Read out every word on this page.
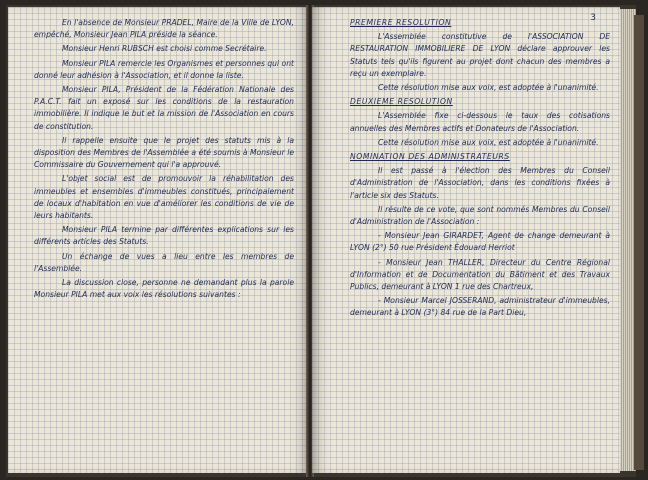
En l'absence de Monsieur PRADEL, Maire de la Ville de LYON, empêché, Monsieur Jean PILA préside la séance.

Monsieur Henri RUBSCH est choisi comme Secrétaire.

Monsieur PILA remercie les Organismes et personnes qui ont donné leur adhésion à l'Association, et il donne la liste.

Monsieur PILA, Président de la Fédération Nationale des P.A.C.T. fait un exposé sur les conditions de la restauration immobilière. Il indique le but et la mission de l'Association en cours de constitution.

Il rappelle ensuite que le projet des statuts mis à la disposition des Membres de l'Assemblée a été soumis à Monsieur le Commissaire du Gouvernement qui l'a approuvé.

L'objet social est de promouvoir la réhabilitation des immeubles et ensembles d'immeubles constitués, principalement de locaux d'habitation en vue d'améliorer les conditions de vie de leurs habitants.

Monsieur PILA termine par différentes explications sur les différents articles des Statuts.

Un échange de vues a lieu entre les membres de l'Assemblée.

La discussion close, personne ne demandant plus la parole Monsieur PILA met aux voix les résolutions suivantes :

3

PREMIERE RESOLUTION

L'Assemblée constitutive de l'ASSOCIATION DE RESTAURATION IMMOBILIERE DE LYON déclare approuver les Statuts tels qu'ils figurent au projet dont chacun des membres a reçu un exemplaire.

Cette résolution mise aux voix, est adoptée à l'unanimité.

DEUXIEME RESOLUTION

L'Assemblée fixe ci-dessous le taux des cotisations annuelles des Membres actifs et Donateurs de l'Association.

Cette résolution mise aux voix, est adoptée à l'unanimité.

NOMINATION DES ADMINISTRATEURS

Il est passé à l'élection des Membres du Conseil d'Administration de l'Association, dans les conditions fixées à l'article six des Statuts.

Il résulte de ce vote, que sont nommés Membres du Conseil d'Administration de l'Association :

- Monsieur Jean GIRARDET, Agent de change demeurant à LYON (2°) 50 rue Président Édouard Herriot

- Monsieur Jean THALLER, Directeur du Centre Régional d'Information et de Documentation du Bâtiment et des Travaux Publics, demeurant à LYON 1 rue des Chartreux,

- Monsieur Marcel JOSSERAND, administrateur d'immeubles, demeurant à LYON (3°) 84 rue de la Part Dieu,
